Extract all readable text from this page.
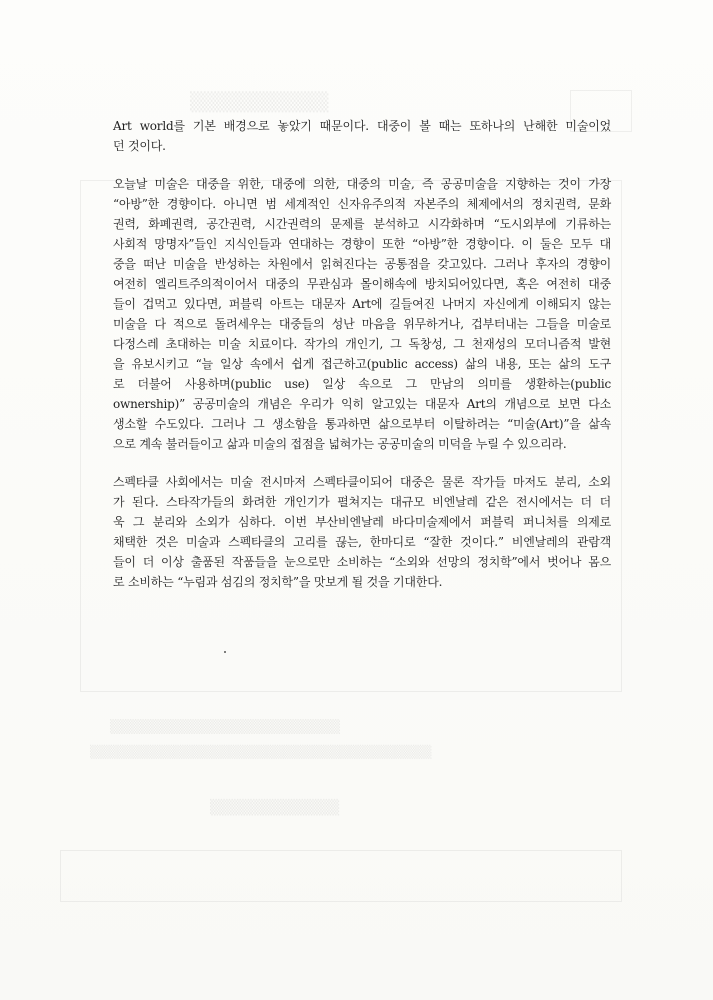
▒▒▒▒▒▒▒▒▒▒
▒▒▒▒▒▒▒▒▒▒▒▒▒▒▒▒▒▒▒▒▒▒▒
▒▒▒▒▒▒▒▒▒▒▒▒▒▒▒▒▒▒▒▒▒▒▒▒▒▒▒▒▒▒▒▒▒▒▒▒▒
▒▒▒▒▒▒▒▒▒▒▒▒

Art world를 기본 배경으로 놓았기 때문이다. 대중이 볼 때는 또하나의 난해한 미술이었
던 것이다.

오늘날 미술은 대중을 위한, 대중에 의한, 대중의 미술, 즉 공공미술을 지향하는 것이 가장
“아방”한 경향이다. 아니면 범 세계적인 신자유주의적 자본주의 체제에서의 정치권력, 문화
권력, 화폐권력, 공간권력, 시간권력의 문제를 분석하고 시각화하며 “도시외부에 기류하는
사회적 망명자”들인 지식인들과 연대하는 경향이 또한 “아방”한 경향이다. 이 둘은 모두 대
중을 떠난 미술을 반성하는 차원에서 읽혀진다는 공통점을 갖고있다. 그러나 후자의 경향이
여전히 엘리트주의적이어서 대중의 무관심과 몰이해속에 방치되어있다면, 혹은 여전히 대중
들이 겁먹고 있다면, 퍼블릭 아트는 대문자 Art에 길들여진 나머지 자신에게 이해되지 않는
미술을 다 적으로 돌려세우는 대중들의 성난 마음을 위무하거나, 겁부터내는 그들을 미술로
다정스레 초대하는 미술 치료이다. 작가의 개인기, 그 독창성, 그 천재성의 모더니즘적 발현
을 유보시키고 “늘 일상 속에서 쉽게 접근하고(public access) 삶의 내용, 또는 삶의 도구
로 더불어 사용하며(public use) 일상 속으로 그 만남의 의미를 생환하는(public
ownership)” 공공미술의 개념은 우리가 익히 알고있는 대문자 Art의 개념으로 보면 다소
생소할 수도있다. 그러나 그 생소함을 통과하면 삶으로부터 이탈하려는 “미술(Art)”을 삶속
으로 계속 불러들이고 삶과 미술의 접점을 넓혀가는 공공미술의 미덕을 누릴 수 있으리라.

스펙타클 사회에서는 미술 전시마저 스펙타클이되어 대중은 물론 작가들 마저도 분리, 소외
가 된다. 스타작가들의 화려한 개인기가 펼쳐지는 대규모 비엔날레 같은 전시에서는 더 더
욱 그 분리와 소외가 심하다. 이번 부산비엔날레 바다미술제에서 퍼블릭 퍼니처를 의제로
채택한 것은 미술과 스펙타클의 고리를 끊는, 한마디로 “잘한 것이다.” 비엔날레의 관람객
들이 더 이상 출품된 작품들을 눈으로만 소비하는 “소외와 선망의 정치학”에서 벗어나 몸으
로 소비하는 “누림과 섬김의 정치학”을 맛보게 될 것을 기대한다.
